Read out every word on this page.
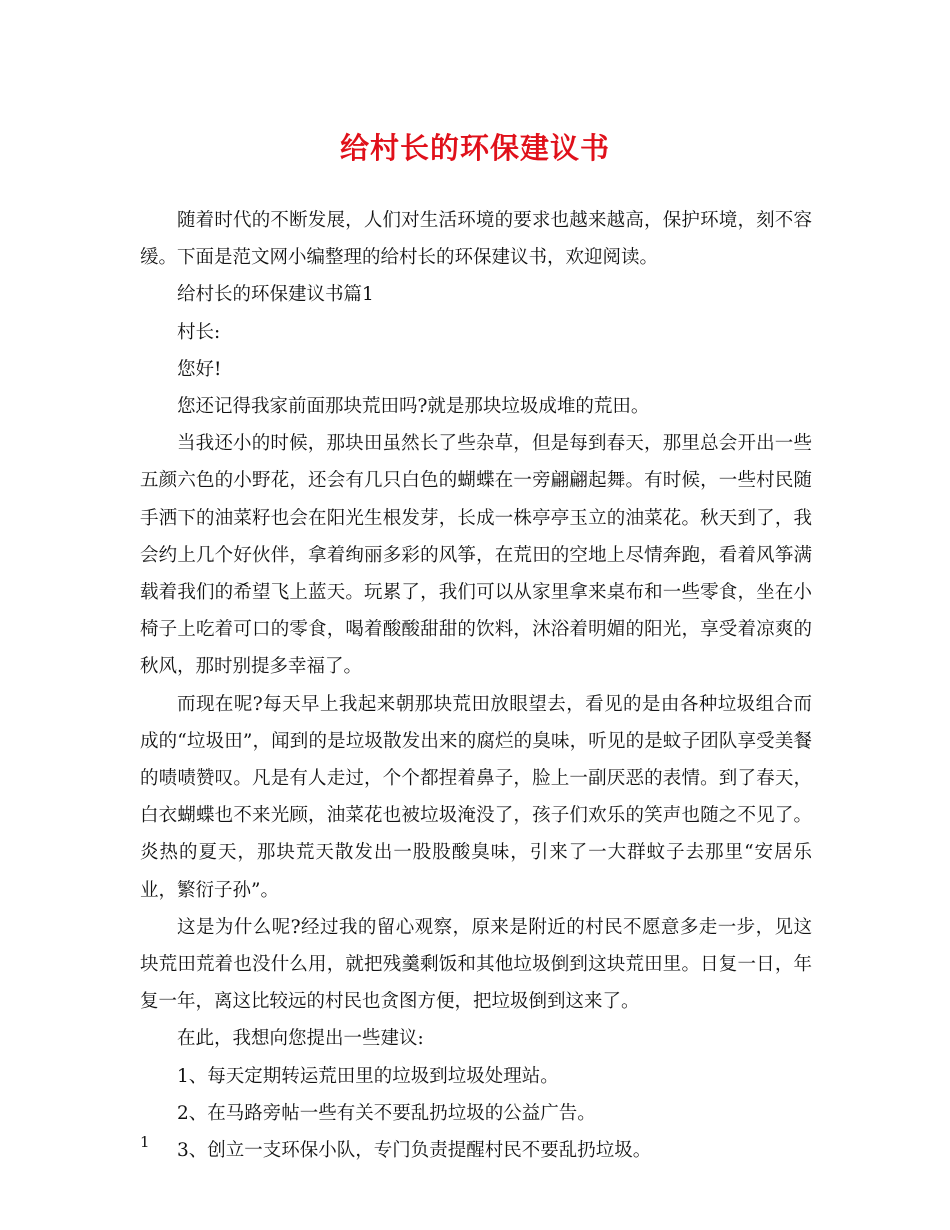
给村长的环保建议书

随着时代的不断发展，人们对生活环境的要求也越来越高，保护环境，刻不容缓。下面是范文网小编整理的给村长的环保建议书，欢迎阅读。

给村长的环保建议书篇1

村长:

您好!

您还记得我家前面那块荒田吗?就是那块垃圾成堆的荒田。

当我还小的时候，那块田虽然长了些杂草，但是每到春天，那里总会开出一些五颜六色的小野花，还会有几只白色的蝴蝶在一旁翩翩起舞。有时候，一些村民随手洒下的油菜籽也会在阳光生根发芽，长成一株亭亭玉立的油菜花。秋天到了，我会约上几个好伙伴，拿着绚丽多彩的风筝，在荒田的空地上尽情奔跑，看着风筝满载着我们的希望飞上蓝天。玩累了，我们可以从家里拿来桌布和一些零食，坐在小椅子上吃着可口的零食，喝着酸酸甜甜的饮料，沐浴着明媚的阳光，享受着凉爽的秋风，那时别提多幸福了。

而现在呢?每天早上我起来朝那块荒田放眼望去，看见的是由各种垃圾组合而成的“垃圾田”，闻到的是垃圾散发出来的腐烂的臭味，听见的是蚊子团队享受美餐的啧啧赞叹。凡是有人走过，个个都捏着鼻子，脸上一副厌恶的表情。到了春天，白衣蝴蝶也不来光顾，油菜花也被垃圾淹没了，孩子们欢乐的笑声也随之不见了。炎热的夏天，那块荒天散发出一股股酸臭味，引来了一大群蚊子去那里“安居乐业，繁衍子孙”。

这是为什么呢?经过我的留心观察，原来是附近的村民不愿意多走一步，见这块荒田荒着也没什么用，就把残羹剩饭和其他垃圾倒到这块荒田里。日复一日，年复一年，离这比较远的村民也贪图方便，把垃圾倒到这来了。

在此，我想向您提出一些建议:

1、每天定期转运荒田里的垃圾到垃圾处理站。

2、在马路旁帖一些有关不要乱扔垃圾的公益广告。

3、创立一支环保小队，专门负责提醒村民不要乱扔垃圾。

1
